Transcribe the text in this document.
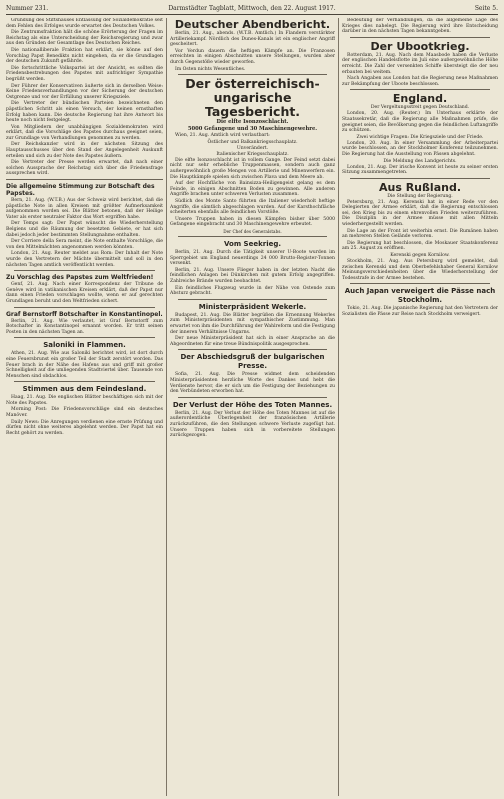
Nummer 231.	Darmstädter Tagblatt, Mittwoch, den 22. August 1917.	Seite 5.

Gründung des Stiftshauses Entlassung der Sozialdemokratie seit dem Fehlen des Erfolges wurde erwartet des Deutschen Volkes.

Die Zentrumsfraktion hält die schöne Erörterung der Fragen im Reichstag als eine Unterscheidung der Reichsregierung und zwar aus den Gründen der Gesamtlage des Deutschen Reiches.

Die nationalliberale Fraktion hat erklärt, sie könne auf den Vorschlag Papst Benedikts nicht eingehen, da er die Grundlagen der deutschen Zukunft gefährde.

Die fortschrittliche Volkspartei ist der Ansicht, es sollten die Friedensbestrebungen des Papstes mit aufrichtiger Sympathie begrüßt werden.

Der Führer der Konservativen äußerte sich in derselben Weise: Keine Friedensverhandlungen vor der Sicherung der deutschen Ostgrenze und vor der Erfüllung unserer Kriegsziele.

Die Vertreter der bündischen Parteien bezeichneten den päpstlichen Schritt als einen Versuch, der keinen ernsthaften Erfolg haben kann. Die deutsche Regierung hat ihre Antwort bis heute noch nicht festgelegt.

Von Mitgliedern der unabhängigen Sozialdemokraten wird erklärt, daß die Vorschläge des Papstes durchaus geeignet seien, zur Grundlage von Verhandlungen genommen zu werden.

Der Reichskanzler wird in der nächsten Sitzung des Hauptausschusses über den Stand der Angelegenheit Auskunft erteilen und sich zu der Note des Papstes äußern.

Die Vertreter der Presse werden erwartet, daß nach einer solchen Aussprache der Reichstag sich über die Friedensfrage aussprechen wird.

Die allgemeine Stimmung zur Botschaft des Papstes.

Bern, 21. Aug. (W.T.B.) Aus der Schweiz wird berichtet, daß die päpstliche Note in allen Kreisen mit größter Aufmerksamkeit aufgenommen worden sei. Die Blätter betonen, daß der Heilige Vater als erster neutraler Faktor das Wort ergriffen habe.

Der Temps sagt: Der Papst wünscht die Wiederherstellung Belgiens und die Räumung der besetzten Gebiete, er hat sich dabei jedoch jeder bestimmten Stellungnahme enthalten.

Der Corriere della Sera meint, die Note enthalte Vorschläge, die von den Mittelmächten angenommen werden könnten.

London, 21. Aug. Reuter meldet aus Rom: Der Inhalt der Note wurde den Vertretern der Mächte übermittelt und soll in den nächsten Tagen amtlich veröffentlicht werden.

Zu Vorschlag des Papstes zum Weltfrieden!

Genf, 21. Aug. Nach einer Korrespondenz der Tribune de Genève wird in vatikanischen Kreisen erklärt, daß der Papst nur dann einen Frieden vorschlagen wollte, wenn er auf gerechten Grundlagen beruht und den Weltfrieden sichert.

Graf Bernstorff Botschafter in Konstantinopel.

Berlin, 21. Aug. Wie verlautet, ist Graf Bernstorff zum Botschafter in Konstantinopel ernannt worden. Er tritt seinen Posten in den nächsten Tagen an.

Saloniki in Flammen.

Athen, 21. Aug. Wie aus Saloniki berichtet wird, ist dort durch eine Feuersbrunst ein großer Teil der Stadt zerstört worden. Das Feuer brach in der Nähe des Hafens aus und griff mit großer Schnelligkeit auf die umliegenden Stadtviertel über. Tausende von Menschen sind obdachlos.

Stimmen aus dem Feindesland.

Haag, 21. Aug. Die englischen Blätter beschäftigen sich mit der Note des Papstes.

Morning Post: Die Friedensvorschläge sind ein deutsches Manöver.

Daily News: Die Anregungen verdienen eine ernste Prüfung und dürfen nicht ohne weiteres abgelehnt werden. Der Papst hat ein Recht gehört zu werden.

Deutscher Abendbericht.

Berlin, 21. Aug., abends. (W.T.B. Amtlich.) In Flandern verstärkter Artilleriekampf. Nördlich des Dunes-Kanals ist ein englischer Angriff gescheitert.

Vor Verdun dauern die heftigen Kämpfe an. Die Franzosen erreichten in einigen Abschnitten unsere Stellungen, wurden aber durch Gegenstöße wieder geworfen.

Im Osten nichts Wesentliches.

Der österreichisch-ungarische Tagesbericht.
Die elfte Isonzoschlacht.
5000 Gefangene und 30 Maschinengewehre.

Wien, 21. Aug. Amtlich wird verlautbart:

Östlicher und Balkankriegsschauplatz.
Unverändert.
Italienischer Kriegsschauplatz.

Die elfte Isonzoschlacht ist in vollem Gange. Der Feind setzt dabei nicht nur sehr erhebliche Truppenmassen, sondern auch ganz außergewöhnlich große Mengen von Artillerie und Minenwerfern ein. Die Hauptkämpfe spielen sich zwischen Plava und dem Meere ab.

Auf der Hochfläche von Bainsizza-Heiligengeist gelang es dem Feinde, in einigen Abschnitten Boden zu gewinnen. Alle anderen Angriffe brachen unter schweren Verlusten zusammen.

Südlich des Monte Santo führten die Italiener wiederholt heftige Angriffe, die sämtlich abgeschlagen wurden. Auf der Karsthochfläche scheiterten ebenfalls alle feindlichen Vorstöße.

Unsere Truppen haben in diesen Kämpfen bisher über 5000 Gefangene eingebracht und 30 Maschinengewehre erbeutet.

Der Chef des Generalstabs.
Vom Seekrieg.

Berlin, 21. Aug. Durch die Tätigkeit unserer U-Boote wurden im Sperrgebiet um England neuerdings 24 000 Brutto-Register-Tonnen versenkt.

Berlin, 21. Aug. Unsere Flieger haben in der letzten Nacht die feindlichen Anlagen bei Dünkirchen mit gutem Erfolg angegriffen. Zahlreiche Brände wurden beobachtet.

Ein feindliches Flugzeug wurde in der Nähe von Ostende zum Absturz gebracht.

Ministerpräsident Wekerle.

Budapest, 21. Aug. Die Blätter begrüßen die Ernennung Wekerles zum Ministerpräsidenten mit sympathischer Zustimmung. Man erwartet von ihm die Durchführung der Wahlreform und die Festigung der inneren Verhältnisse Ungarns.

Der neue Ministerpräsident hat sich in einer Ansprache an die Abgeordneten für eine treue Bündnispolitik ausgesprochen.

Der Abschiedsgruß der bulgarischen Presse.

Sofia, 21. Aug. Die Presse widmet dem scheidenden Ministerpräsidenten herzliche Worte des Dankes und hebt die Verdienste hervor, die er sich um die Festigung der Beziehungen zu den Verbündeten erworben hat.

Der Verlust der Höhe des Toten Mannes.

Berlin, 21. Aug. Der Verlust der Höhe des Toten Mannes ist auf die außerordentliche Überlegenheit der französischen Artillerie zurückzuführen, die den Stellungen schwere Verluste zugefügt hat. Unsere Truppen haben sich in vorbereitete Stellungen zurückgezogen.

Bedeutung der Verhandlungen, da die allgemeine Lage des Krieges dies nahelegt. Die Regierung wird ihre Entscheidung darüber in den nächsten Tagen bekanntgeben.

Der Ubootkrieg.

Rotterdam, 21. Aug. Nach dem Maasbode haben die Verluste der englischen Handelsflotte im Juli eine außergewöhnliche Höhe erreicht. Die Zahl der versenkten Schiffe übersteigt die der neu erbauten bei weitem.

Nach Angaben aus London hat die Regierung neue Maßnahmen zur Bekämpfung der Uboote beschlossen.

England.
Der Vergeltungsstreit gegen Deutschland.

London, 20. Aug. (Reuter.) Im Unterhaus erklärte der Staatssekretär, daß die Regierung alle Maßnahmen prüfe, die geeignet seien, die Bevölkerung gegen die feindlichen Luftangriffe zu schützen.

Zwei wichtige Fragen: Die Kriegsziele und der Friede.

London, 20. Aug. In einer Versammlung der Arbeiterpartei wurde beschlossen, an der Stockholmer Konferenz teilzunehmen. Die Regierung hat die Ausstellung von Pässen abgelehnt.

Die Meldung des Landgerichts.

London, 21. Aug. Der irische Konvent ist heute zu seiner ersten Sitzung zusammengetreten.

Aus Rußland.
Die Stellung der Regierung.

Petersburg, 21. Aug. Kerenski hat in einer Rede vor den Delegierten der Armee erklärt, daß die Regierung entschlossen sei, den Krieg bis zu einem ehrenvollen Frieden weiterzuführen. Die Disziplin in der Armee müsse mit allen Mitteln wiederhergestellt werden.

Die Lage an der Front ist weiterhin ernst. Die Rumänen haben an mehreren Stellen Gelände verloren.

Die Regierung hat beschlossen, die Moskauer Staatskonferenz am 25. August zu eröffnen.

Kerenski gegen Kornilow.

Stockholm, 21. Aug. Aus Petersburg wird gemeldet, daß zwischen Kerenski und dem Oberbefehlshaber General Kornilow Meinungsverschiedenheiten über die Wiederherstellung der Todesstrafe in der Armee bestehen.

Auch Japan verweigert die Pässe nach Stockholm.

Tokio, 21. Aug. Die japanische Regierung hat den Vertretern der Sozialisten die Pässe zur Reise nach Stockholm verweigert.
